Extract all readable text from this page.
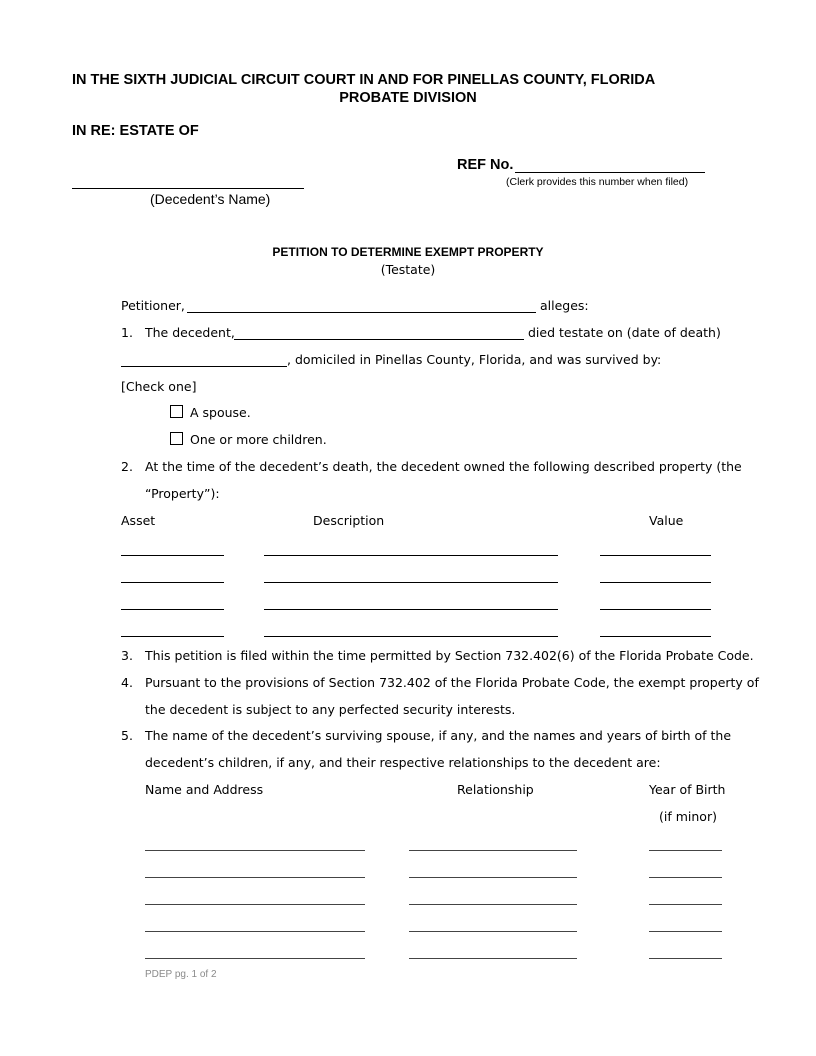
IN THE SIXTH JUDICIAL CIRCUIT COURT IN AND FOR PINELLAS COUNTY, FLORIDA
PROBATE DIVISION
IN RE: ESTATE OF
REF No.
(Clerk provides this number when filed)
(Decedent’s Name)
PETITION TO DETERMINE EXEMPT PROPERTY
(Testate)
Petitioner,	alleges:
1. The decedent,	died testate on (date of death)
, domiciled in Pinellas County, Florida, and was survived by:
[Check one]
A spouse.
One or more children.
2. At the time of the decedent’s death, the decedent owned the following described property (the
“Property”):
Asset	Description	Value
3. This petition is filed within the time permitted by Section 732.402(6) of the Florida Probate Code.
4. Pursuant to the provisions of Section 732.402 of the Florida Probate Code, the exempt property of
the decedent is subject to any perfected security interests.
5. The name of the decedent’s surviving spouse, if any, and the names and years of birth of the
decedent’s children, if any, and their respective relationships to the decedent are:
Name and Address	Relationship	Year of Birth
(if minor)
PDEP pg. 1 of 2
